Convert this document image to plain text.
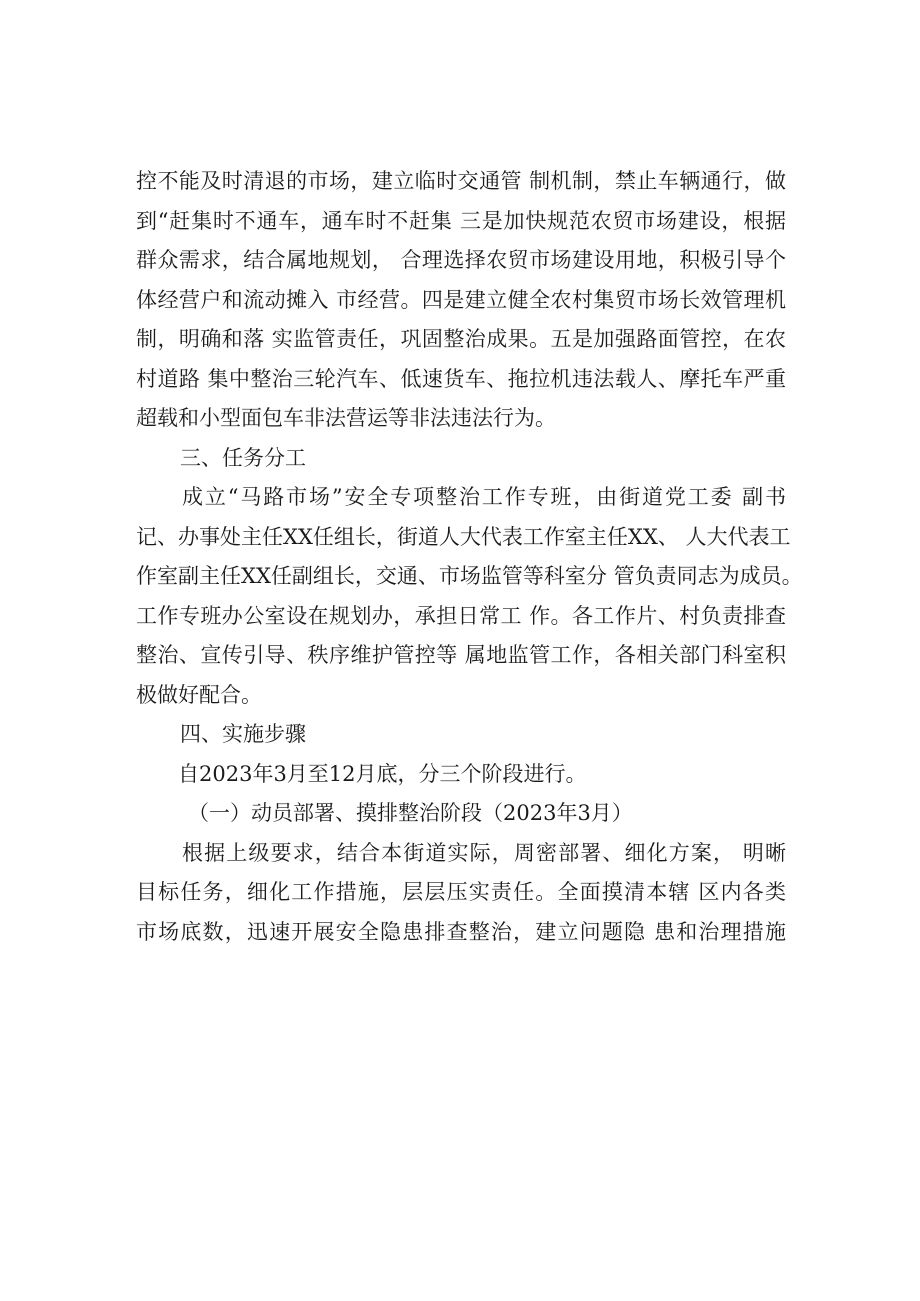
控不能及时清退的市场，建立临时交通管 制机制，禁止车辆通行，做
到“赶集时不通车，通车时不赶集 三是加快规范农贸市场建设，根据
群众需求，结合属地规划， 合理选择农贸市场建设用地，积极引导个
体经营户和流动摊入 市经营。四是建立健全农村集贸市场长效管理机
制，明确和落 实监管责任，巩固整治成果。五是加强路面管控，在农
村道路 集中整治三轮汽车、低速货车、拖拉机违法载人、摩托车严重
超载和小型面包车非法营运等非法违法行为。
三、任务分工
成立“马路市场”安全专项整治工作专班，由街道党工委 副书
记、办事处主任XX任组长，街道人大代表工作室主任XX、 人大代表工
作室副主任XX任副组长，交通、市场监管等科室分 管负责同志为成员。
工作专班办公室设在规划办，承担日常工 作。各工作片、村负责排查
整治、宣传引导、秩序维护管控等 属地监管工作，各相关部门科室积
极做好配合。
四、实施步骤
自2023年3月至12月底，分三个阶段进行。
（一）动员部署、摸排整治阶段（2023年3月）
根据上级要求，结合本街道实际，周密部署、细化方案， 明晰
目标任务，细化工作措施，层层压实责任。全面摸清本辖 区内各类
市场底数，迅速开展安全隐患排查整治，建立问题隐 患和治理措施
